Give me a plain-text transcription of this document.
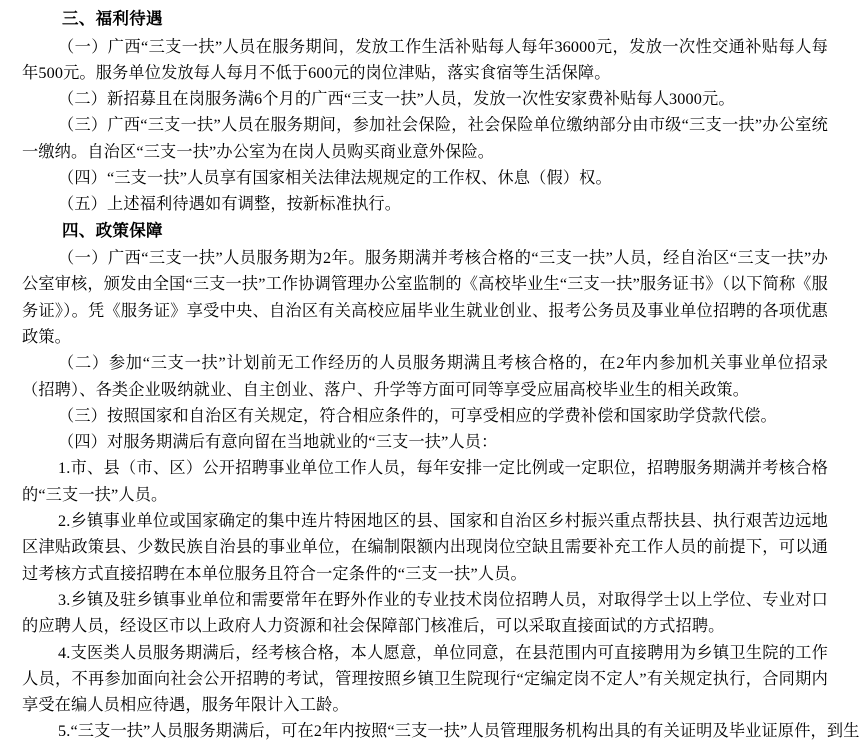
三、福利待遇

（一）广西“三支一扶”人员在服务期间，发放工作生活补贴每人每年36000元，发放一次性交通补贴每人每年500元。服务单位发放每人每月不低于600元的岗位津贴，落实食宿等生活保障。

（二）新招募且在岗服务满6个月的广西“三支一扶”人员，发放一次性安家费补贴每人3000元。

（三）广西“三支一扶”人员在服务期间，参加社会保险，社会保险单位缴纳部分由市级“三支一扶”办公室统一缴纳。自治区“三支一扶”办公室为在岗人员购买商业意外保险。

（四）“三支一扶”人员享有国家相关法律法规规定的工作权、休息（假）权。

（五）上述福利待遇如有调整，按新标准执行。

四、政策保障

（一）广西“三支一扶”人员服务期为2年。服务期满并考核合格的“三支一扶”人员，经自治区“三支一扶”办公室审核，颁发由全国“三支一扶”工作协调管理办公室监制的《高校毕业生“三支一扶”服务证书》（以下简称《服务证》）。凭《服务证》享受中央、自治区有关高校应届毕业生就业创业、报考公务员及事业单位招聘的各项优惠政策。

（二）参加“三支一扶”计划前无工作经历的人员服务期满且考核合格的，在2年内参加机关事业单位招录（招聘）、各类企业吸纳就业、自主创业、落户、升学等方面可同等享受应届高校毕业生的相关政策。

（三）按照国家和自治区有关规定，符合相应条件的，可享受相应的学费补偿和国家助学贷款代偿。

（四）对服务期满后有意向留在当地就业的“三支一扶”人员：

1.市、县（市、区）公开招聘事业单位工作人员，每年安排一定比例或一定职位，招聘服务期满并考核合格的“三支一扶”人员。

2.乡镇事业单位或国家确定的集中连片特困地区的县、国家和自治区乡村振兴重点帮扶县、执行艰苦边远地区津贴政策县、少数民族自治县的事业单位，在编制限额内出现岗位空缺且需要补充工作人员的前提下，可以通过考核方式直接招聘在本单位服务且符合一定条件的“三支一扶”人员。

3.乡镇及驻乡镇事业单位和需要常年在野外作业的专业技术岗位招聘人员，对取得学士以上学位、专业对口的应聘人员，经设区市以上政府人力资源和社会保障部门核准后，可以采取直接面试的方式招聘。

4.支医类人员服务期满后，经考核合格，本人愿意，单位同意，在县范围内可直接聘用为乡镇卫生院的工作人员，不再参加面向社会公开招聘的考试，管理按照乡镇卫生院现行“定编定岗不定人”有关规定执行，合同期内享受在编人员相应待遇，服务年限计入工龄。

5.“三支一扶”人员服务期满后，可在2年内按照“三支一扶”人员管理服务机构出具的有关证明及毕业证原件，到生
